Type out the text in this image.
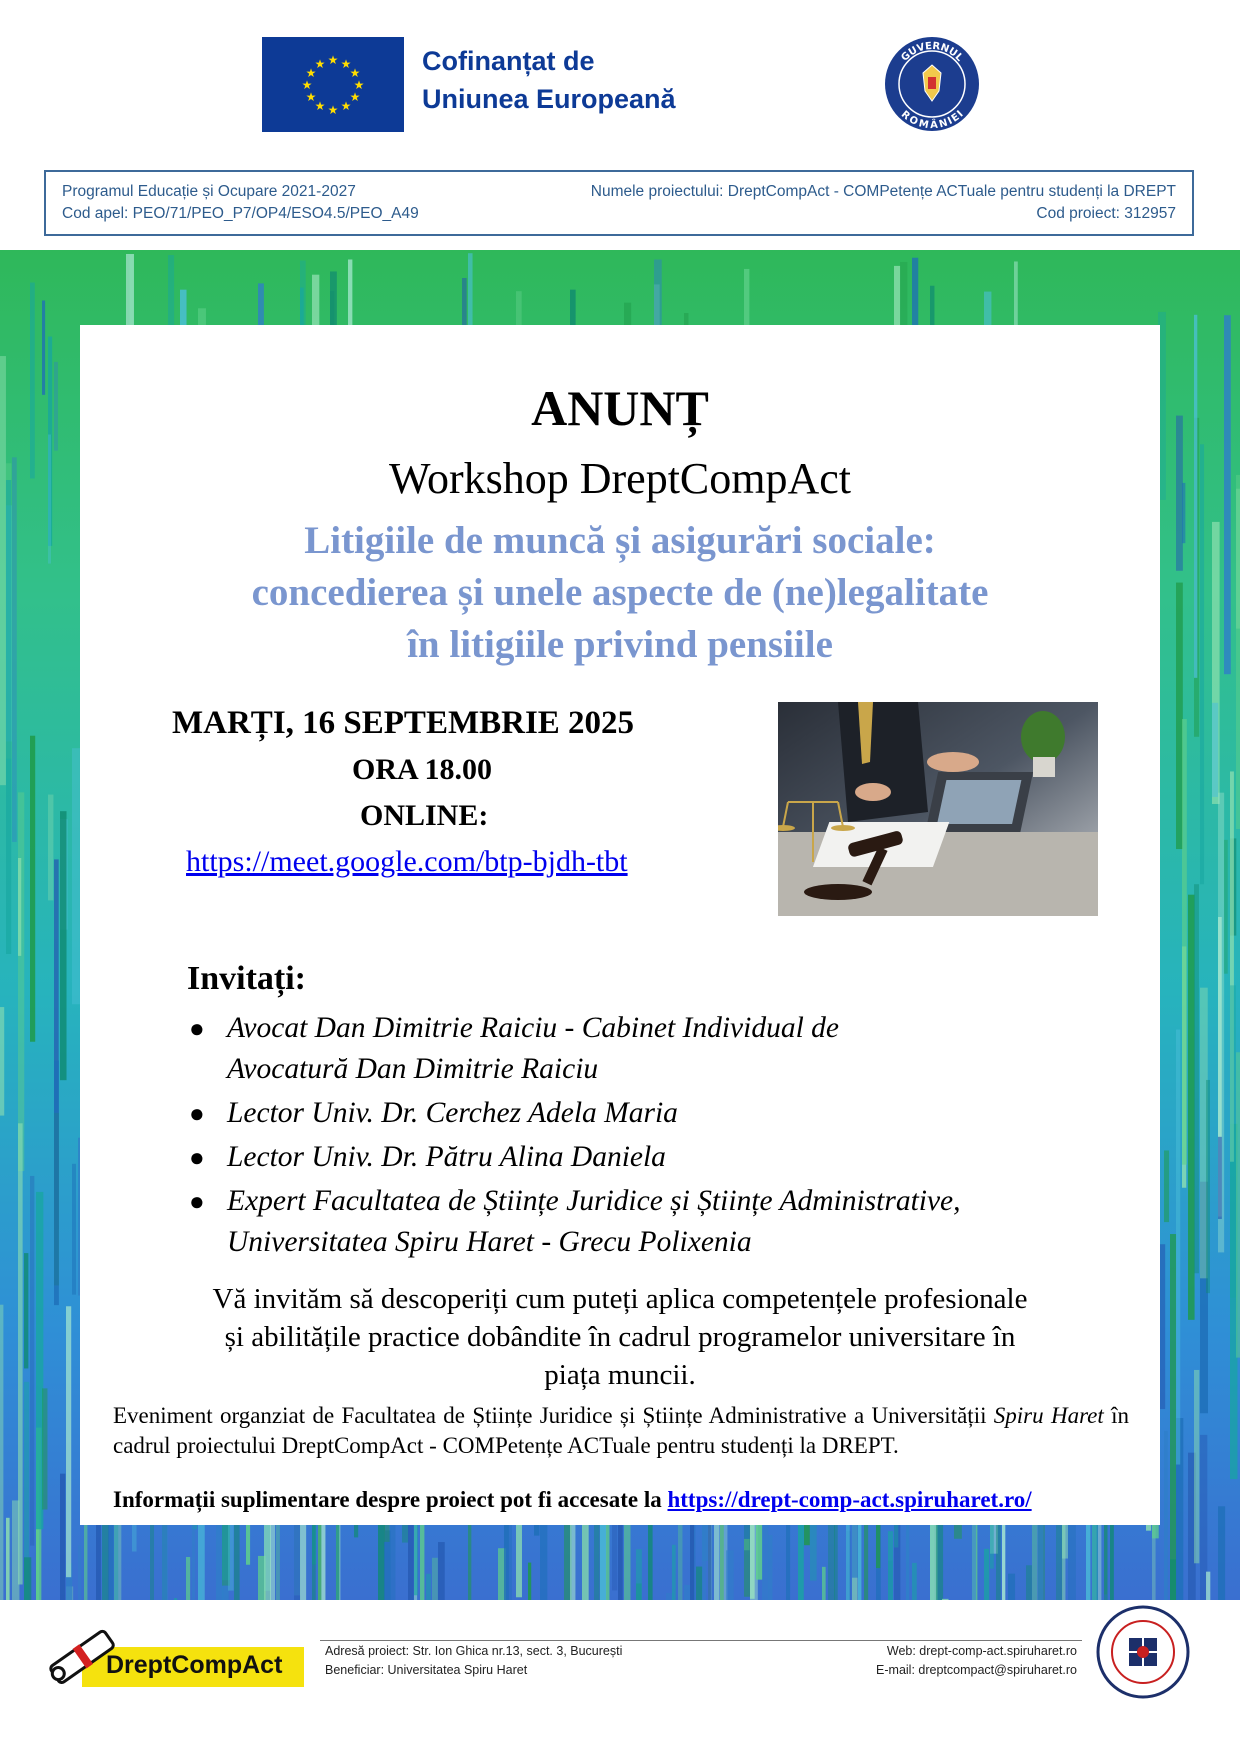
★ ★
★
★
★
★
★
★
★
★
★
★	Cofinanțat de
Uniunea Europeană
GUVERNUL
ROMÂNIEI
Programul Educație și Ocupare 2021-2027
Cod apel: PEO/71/PEO_P7/OP4/ESO4.5/PEO_A49
Numele proiectului: DreptCompAct - COMPetențe ACTuale pentru studenți la DREPT
Cod proiect: 312957
ANUNȚ
Workshop DreptCompAct
Litigiile de muncă și asigurări sociale:
concedierea și unele aspecte de (ne)legalitate
în litigiile privind pensiile
MARȚI, 16 SEPTEMBRIE 2025
ORA 18.00
ONLINE:
https://meet.google.com/btp-bjdh-tbt
Invitați:
● Avocat Dan Dimitrie Raiciu - Cabinet Individual de
Avocatură Dan Dimitrie Raiciu
● Lector Univ. Dr. Cerchez Adela Maria
● Lector Univ. Dr. Pătru Alina Daniela
● Expert Facultatea de Științe Juridice și Științe Administrative,
Universitatea Spiru Haret - Grecu Polixenia
Vă invităm să descoperiți cum puteți aplica competențele profesionale
și abilitățile practice dobândite în cadrul programelor universitare în
piața muncii.
Eveniment organziat de Facultatea de Științe Juridice și Științe Administrative a Universității Spiru Haret în cadrul proiectului DreptCompAct - COMPetențe ACTuale pentru studenți la DREPT.
Informații suplimentare despre proiect pot fi accesate la https://drept-comp-act.spiruharet.ro/
DreptCompAct	Adresă proiect: Str. Ion Ghica nr.13, sect. 3, București
Beneficiar: Universitatea Spiru Haret
Web: drept-comp-act.spiruharet.ro
E-mail: dreptcompact@spiruharet.ro
